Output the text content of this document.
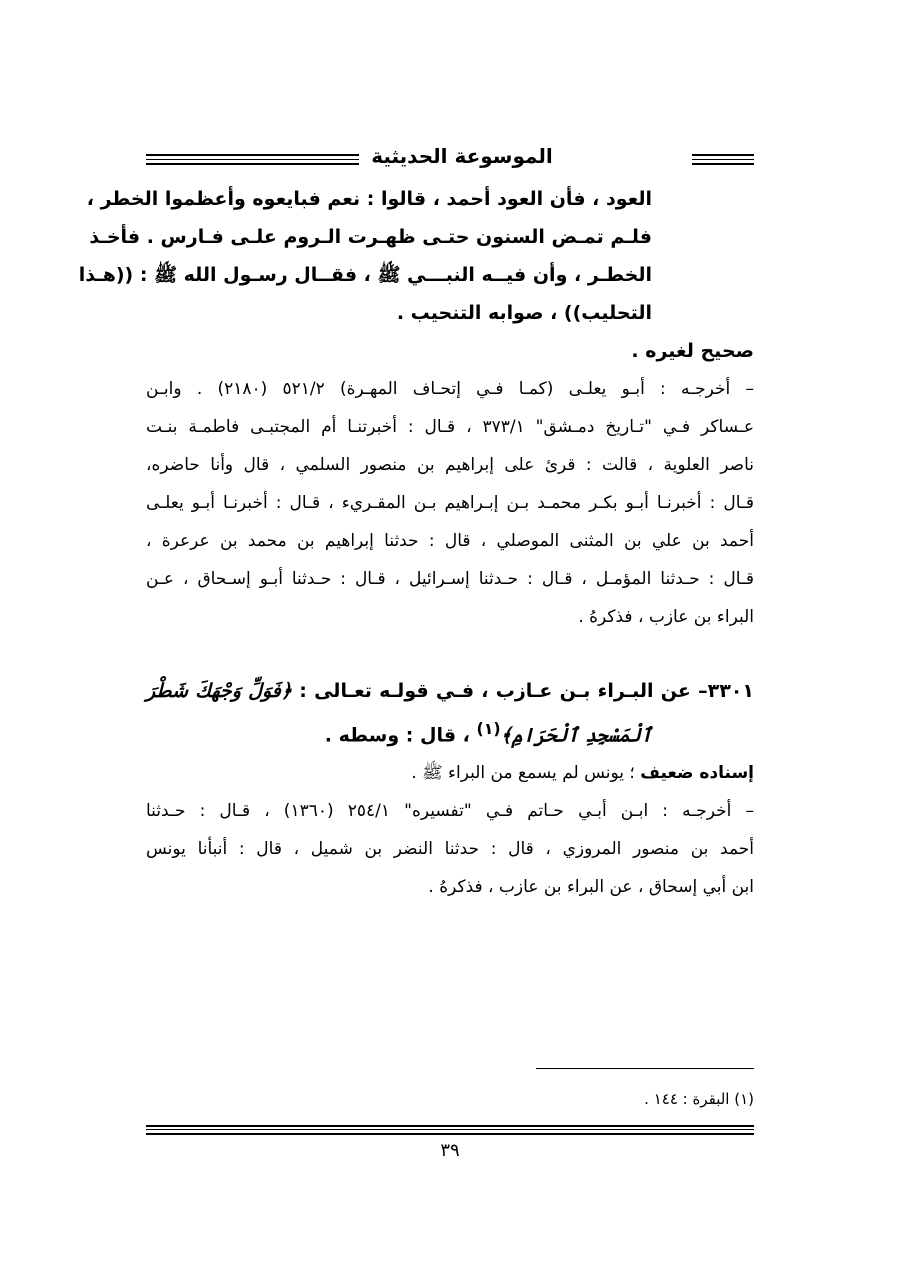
الموسوعة الحديثية
العود ، فأن العود أحمد ، قالوا : نعم فبايعوه وأعظموا الخطر ،
فلـم تمـض السنون حتـى ظهـرت الـروم علـى فـارس . فأخـذ
الخطـر ، وأن فيــه النبـــي ﷺ ، فقــال رسـول الله ﷺ : ((هـذا
التحليب)) ، صوابه التنحيب .
صحيح لغيره .
– أخرجـه : أبـو يعلـى (كمـا فـي إتحـاف المهـرة) ٥٢١/٢ (٢١٨٠) . وابـن
عـساكر فـي "تـاريخ دمـشق" ٣٧٣/١ ، قـال : أخبرتنـا أم المجتبـى فاطمـة بنـت
ناصر العلوية ، قالت : قرئ على إبراهيم بن منصور السلمي ، قال وأنا حاضره،
قـال : أخبرنـا أبـو بكـر محمـد بـن إبـراهيم بـن المقـريء ، قـال : أخبرنـا أبـو يعلـى
أحمد بن علي بن المثنى الموصلي ، قال : حدثنا إبراهيم بن محمد بن عرعرة ،
قـال : حـدثنا المؤمـل ، قـال : حـدثنا إسـرائيل ، قـال : حـدثنا أبـو إسـحاق ، عـن
البراء بن عازب ، فذكرهُ .
٣٣٠١– عن البـراء بـن عـازب ، فـي قولـه تعـالى : ﴿فَوَلِّ وَجْهَكَ شَطْرَ
ٱلْمَسْجِدِ ٱلْحَرَامِ﴾$^{(١)}$ ، قال : وسطه .
إسناده ضعيف ؛ يونس لم يسمع من البراء ﷺ .
– أخرجـه : ابـن أبـي حـاتم فـي "تفسيره" ٢٥٤/١ (١٣٦٠) ، قـال : حـدثنا
أحمد بن منصور المروزي ، قال : حدثنا النضر بن شميل ، قال : أنبأنا يونس
ابن أبي إسحاق ، عن البراء بن عازب ، فذكرهُ .
(١) البقرة : ١٤٤ .
٣٩
